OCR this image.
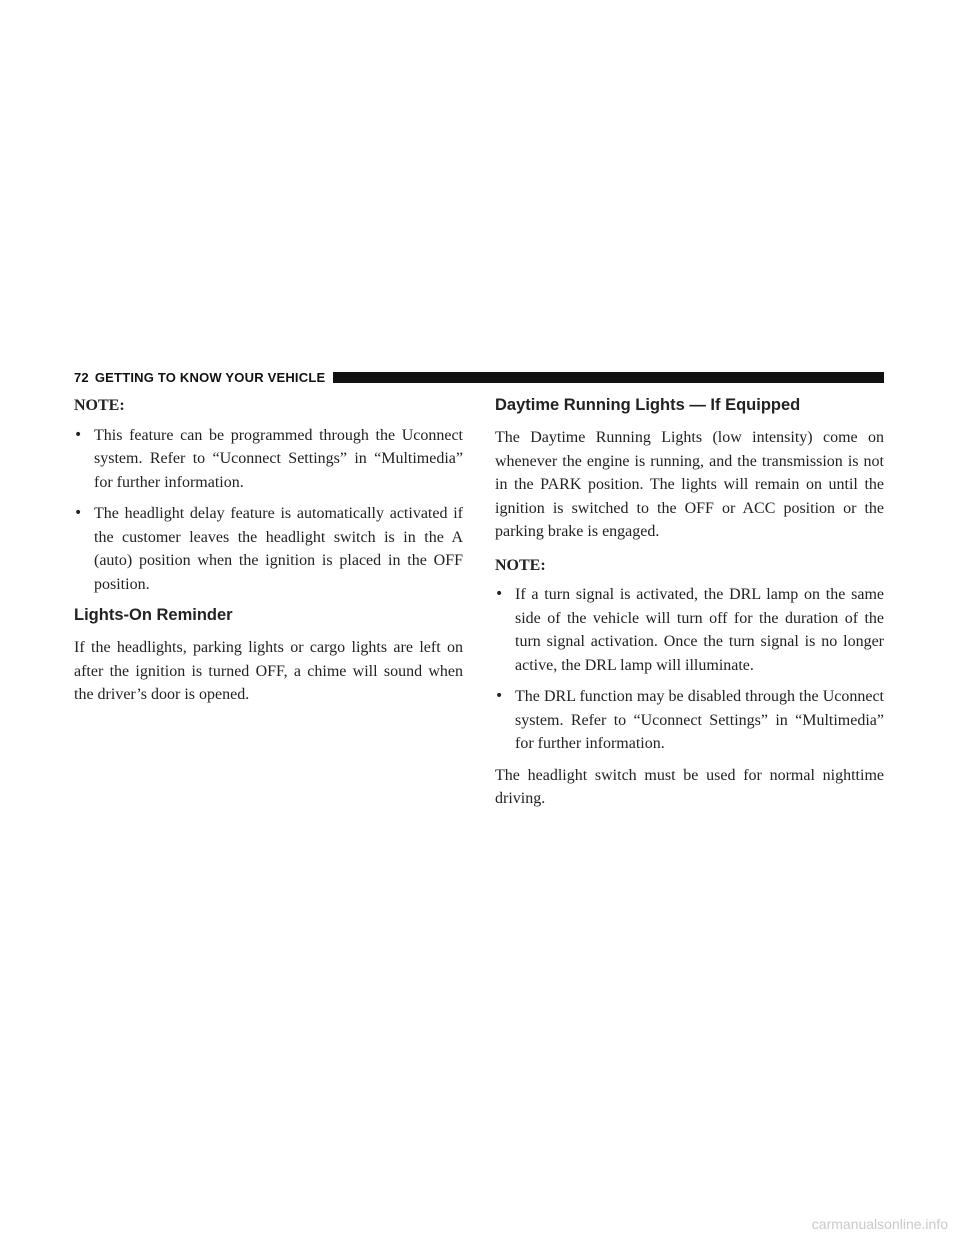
72 GETTING TO KNOW YOUR VEHICLE
NOTE:
• This feature can be programmed through the Uconnect system. Refer to “Uconnect Settings” in “Multimedia” for further information.
• The headlight delay feature is automatically activated if the customer leaves the headlight switch is in the A (auto) position when the ignition is placed in the OFF position.
Lights-On Reminder

If the headlights, parking lights or cargo lights are left on after the ignition is turned OFF, a chime will sound when the driver’s door is opened.

Daytime Running Lights — If Equipped

The Daytime Running Lights (low intensity) come on whenever the engine is running, and the transmission is not in the PARK position. The lights will remain on until the ignition is switched to the OFF or ACC position or the parking brake is engaged.

NOTE:
• If a turn signal is activated, the DRL lamp on the same side of the vehicle will turn off for the duration of the turn signal activation. Once the turn signal is no longer active, the DRL lamp will illuminate.
• The DRL function may be disabled through the Uconnect system. Refer to “Uconnect Settings” in “Multimedia” for further information.

The headlight switch must be used for normal nighttime driving.

carmanualsonline.info
